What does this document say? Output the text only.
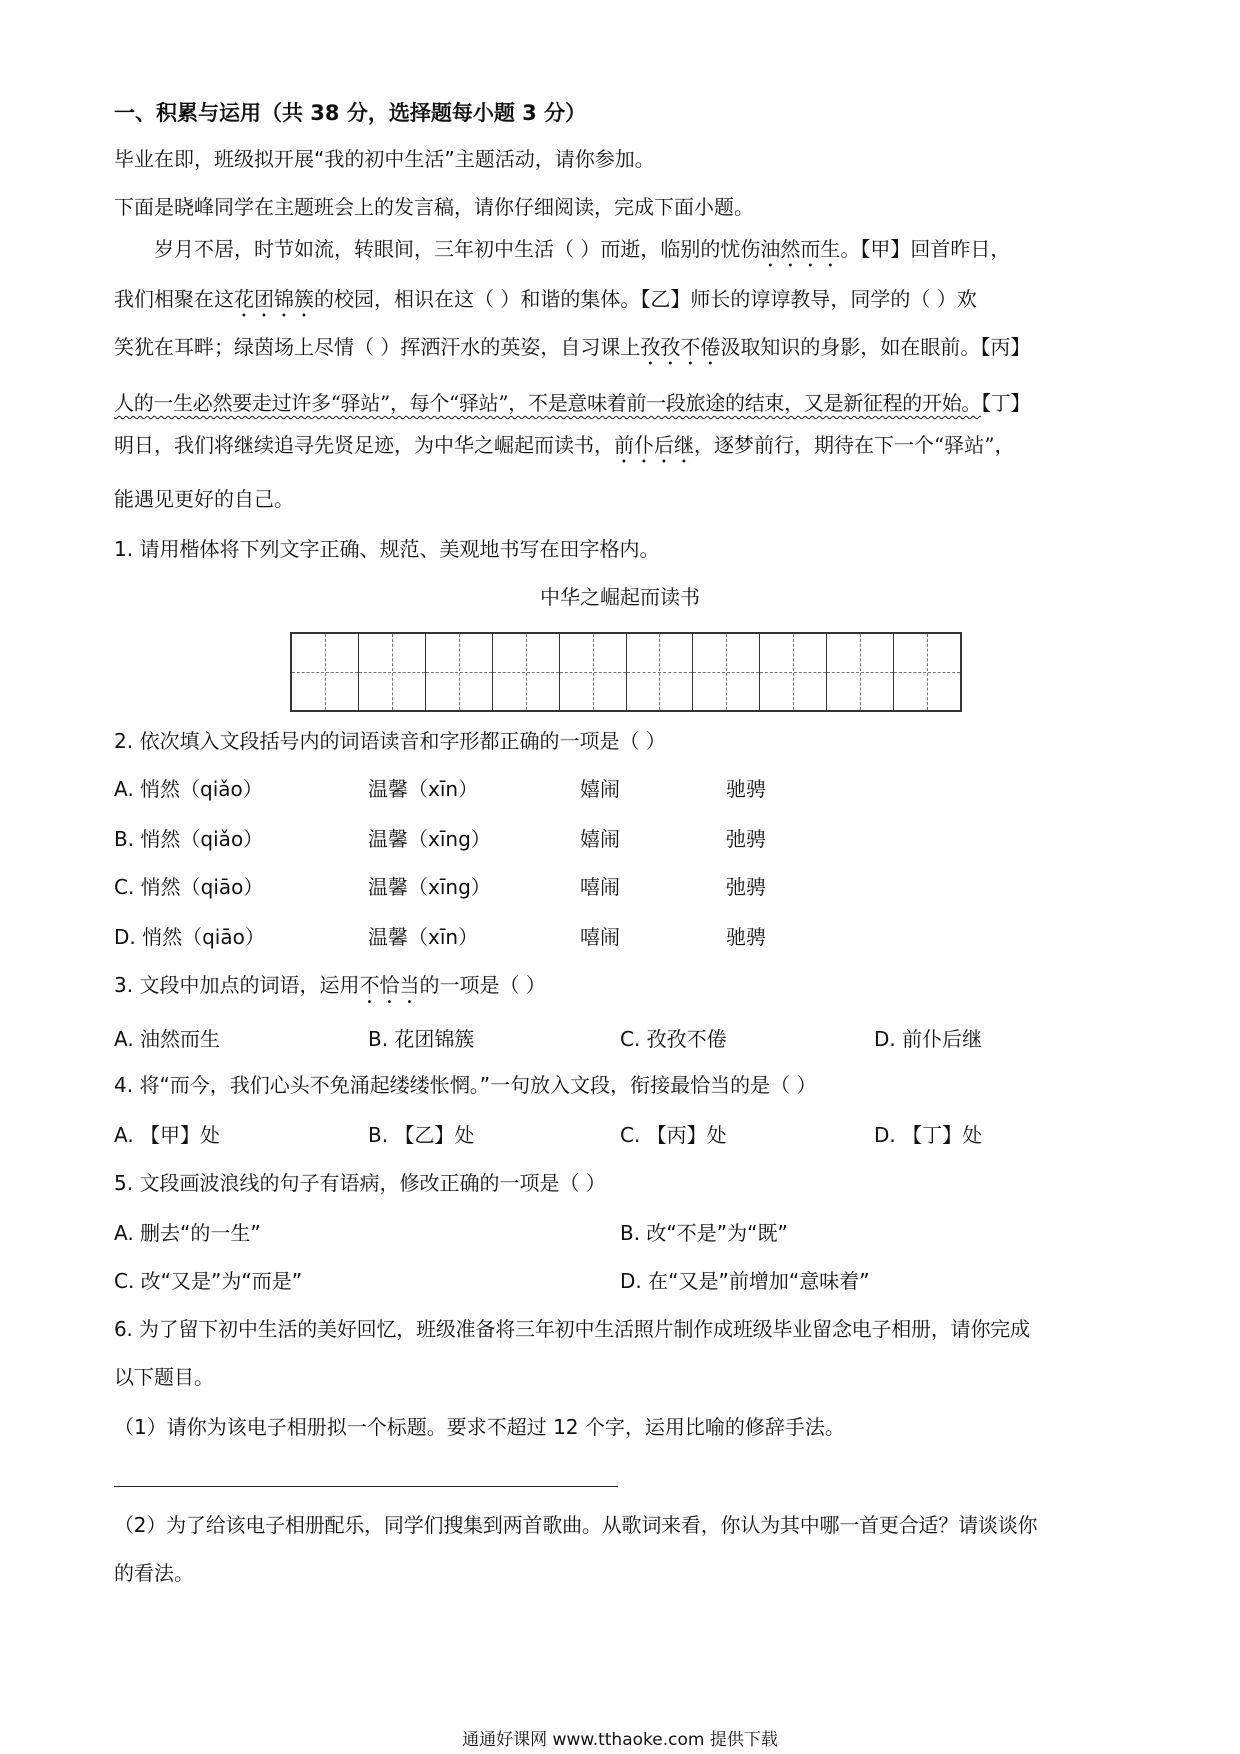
一、积累与运用（共 38 分，选择题每小题 3 分）
毕业在即，班级拟开展“我的初中生活”主题活动，请你参加。
下面是晓峰同学在主题班会上的发言稿，请你仔细阅读，完成下面小题。
岁月不居，时节如流，转眼间，三年初中生活（ ）而逝，临别的忧伤油然而生。【甲】回首昨日，
我们相聚在这花团锦簇的校园，相识在这（ ）和谐的集体。【乙】师长的谆谆教导，同学的（ ）欢
笑犹在耳畔；绿茵场上尽情（ ）挥洒汗水的英姿，自习课上孜孜不倦汲取知识的身影，如在眼前。【丙】
人的一生必然要走过许多“驿站”，每个“驿站”，不是意味着前一段旅途的结束，又是新征程的开始。【丁】
明日，我们将继续追寻先贤足迹，为中华之崛起而读书，前仆后继，逐梦前行，期待在下一个“驿站”，
能遇见更好的自己。
1. 请用楷体将下列文字正确、规范、美观地书写在田字格内。
中华之崛起而读书
2. 依次填入文段括号内的词语读音和字形都正确的一项是（ ）
A. 悄然（qiǎo）	温馨（xīn）	嬉闹	驰骋
B. 悄然（qiǎo）	温馨（xīng）	嬉闹	弛骋
C. 悄然（qiāo）	温馨（xīng）	嘻闹	弛骋
D. 悄然（qiāo）	温馨（xīn）	嘻闹	驰骋
3. 文段中加点的词语，运用不恰当的一项是（ ）
A. 油然而生	B. 花团锦簇	C. 孜孜不倦	D. 前仆后继
4. 将“而今，我们心头不免涌起缕缕怅惘。”一句放入文段，衔接最恰当的是（ ）
A. 【甲】处	B. 【乙】处	C. 【丙】处	D. 【丁】处
5. 文段画波浪线的句子有语病，修改正确的一项是（ ）
A. 删去“的一生”	B. 改“不是”为“既”
C. 改“又是”为“而是”	D. 在“又是”前增加“意味着”
6. 为了留下初中生活的美好回忆，班级准备将三年初中生活照片制作成班级毕业留念电子相册，请你完成
以下题目。
（1）请你为该电子相册拟一个标题。要求不超过 12 个字，运用比喻的修辞手法。
（2）为了给该电子相册配乐，同学们搜集到两首歌曲。从歌词来看，你认为其中哪一首更合适？请谈谈你
的看法。
通通好课网 www.tthaoke.com 提供下载
